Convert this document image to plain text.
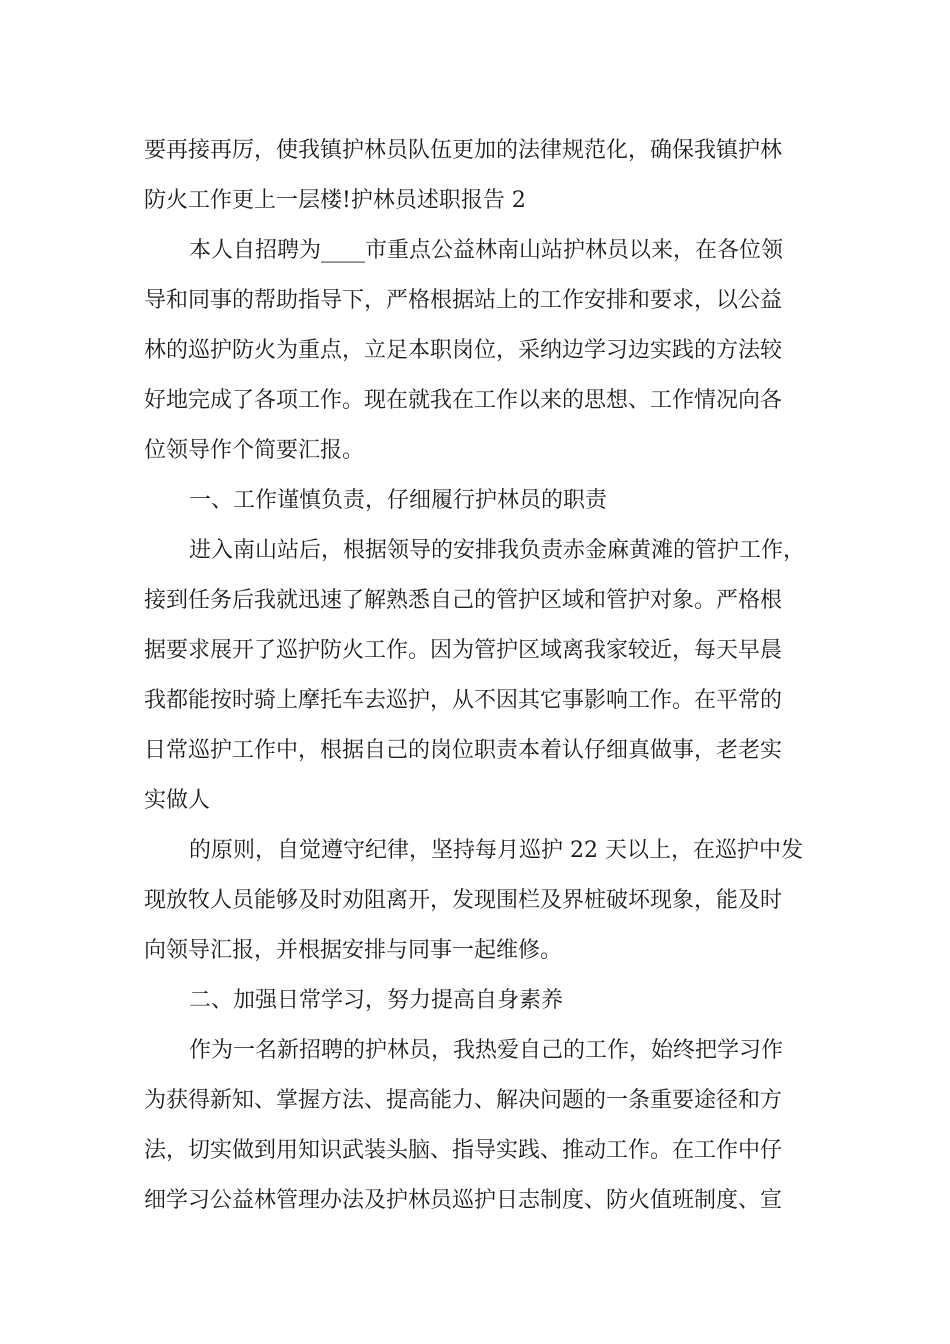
要再接再厉，使我镇护林员队伍更加的法律规范化，确保我镇护林
防火工作更上一层楼!护林员述职报告 2
本人自招聘为____市重点公益林南山站护林员以来，在各位领
导和同事的帮助指导下，严格根据站上的工作安排和要求，以公益
林的巡护防火为重点，立足本职岗位，采纳边学习边实践的方法较
好地完成了各项工作。现在就我在工作以来的思想、工作情况向各
位领导作个简要汇报。
一、工作谨慎负责，仔细履行护林员的职责
进入南山站后，根据领导的安排我负责赤金麻黄滩的管护工作，
接到任务后我就迅速了解熟悉自己的管护区域和管护对象。严格根
据要求展开了巡护防火工作。因为管护区域离我家较近，每天早晨
我都能按时骑上摩托车去巡护，从不因其它事影响工作。在平常的
日常巡护工作中，根据自己的岗位职责本着认仔细真做事，老老实
实做人
的原则，自觉遵守纪律，坚持每月巡护 22 天以上，在巡护中发
现放牧人员能够及时劝阻离开，发现围栏及界桩破坏现象，能及时
向领导汇报，并根据安排与同事一起维修。
二、加强日常学习，努力提高自身素养
作为一名新招聘的护林员，我热爱自己的工作，始终把学习作
为获得新知、掌握方法、提高能力、解决问题的一条重要途径和方
法，切实做到用知识武装头脑、指导实践、推动工作。在工作中仔
细学习公益林管理办法及护林员巡护日志制度、防火值班制度、宣
